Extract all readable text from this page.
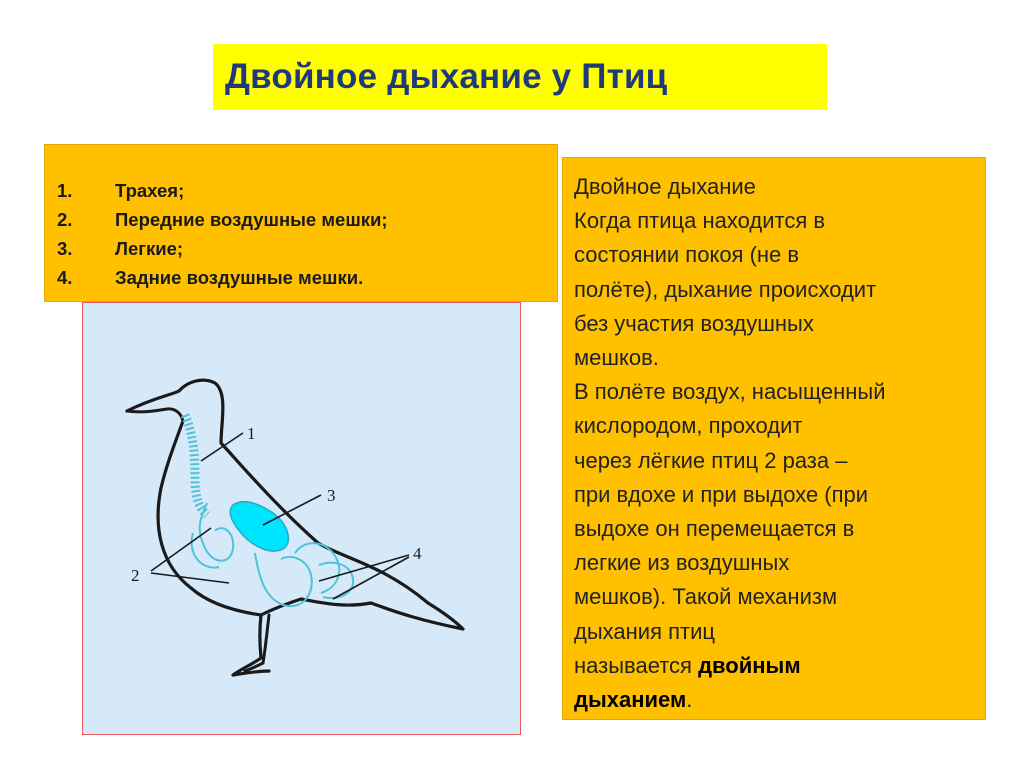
Двойное дыхание у Птиц
1.	Трахея;
2.	Передние воздушные мешки;
3.	Легкие;
4.	Задние воздушные мешки.
1
3
2
4

Двойное дыхание
Когда птица находится в
состоянии покоя (не в
полёте), дыхание происходит
без участия воздушных
мешков.
В полёте воздух, насыщенный
кислородом, проходит
через лёгкие птиц 2 раза –
при вдохе и при выдохе (при
выдохе он перемещается в
легкие из воздушных
мешков). Такой механизм
дыхания птиц
называется двойным
дыханием.
